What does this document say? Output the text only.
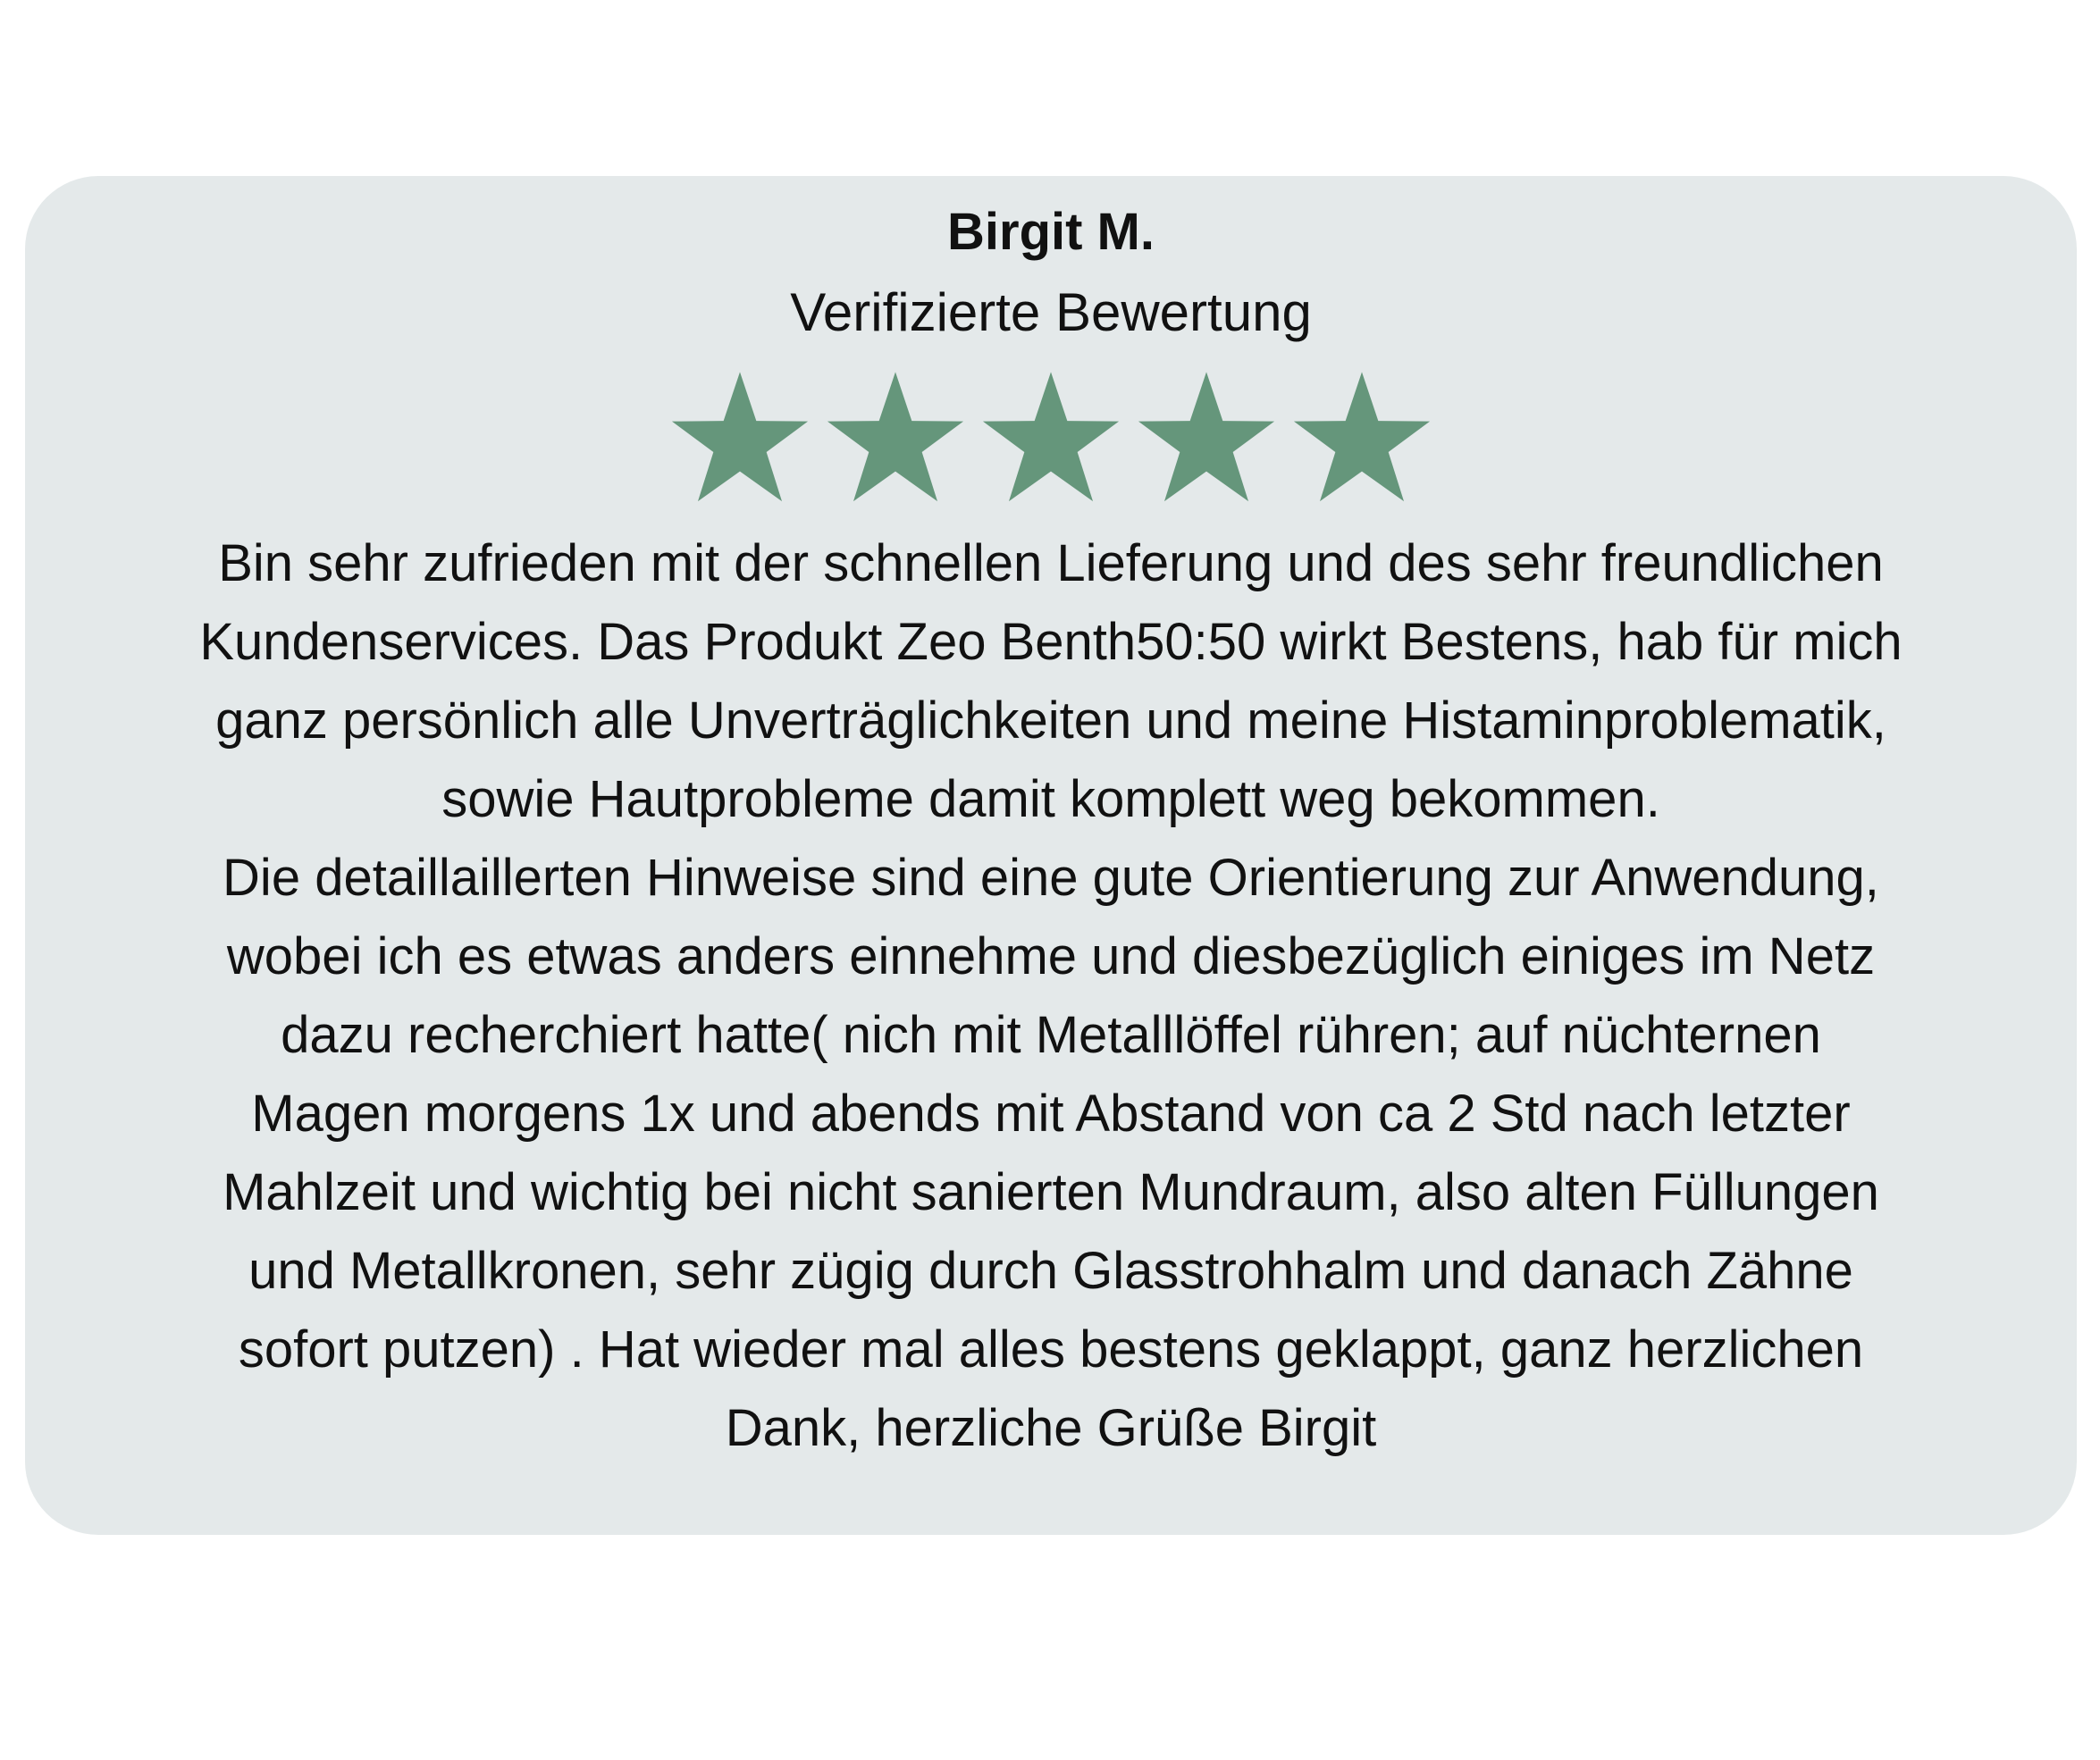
Birgit M.
Verifizierte Bewertung
Bin sehr zufrieden mit der schnellen Lieferung und des sehr freundlichen
Kundenservices. Das Produkt Zeo Benth50:50 wirkt Bestens, hab für mich
ganz persönlich alle Unverträglichkeiten und meine Histaminproblematik,
sowie Hautprobleme damit komplett weg bekommen.
Die detaillaillerten Hinweise sind eine gute Orientierung zur Anwendung,
wobei ich es etwas anders einnehme und diesbezüglich einiges im Netz
dazu recherchiert hatte( nich mit Metalllöffel rühren; auf nüchternen
Magen morgens 1x und abends mit Abstand von ca 2 Std nach letzter
Mahlzeit und wichtig bei nicht sanierten Mundraum, also alten Füllungen
und Metallkronen, sehr zügig durch Glasstrohhalm und danach Zähne
sofort putzen) . Hat wieder mal alles bestens geklappt, ganz herzlichen
Dank, herzliche Grüße Birgit
